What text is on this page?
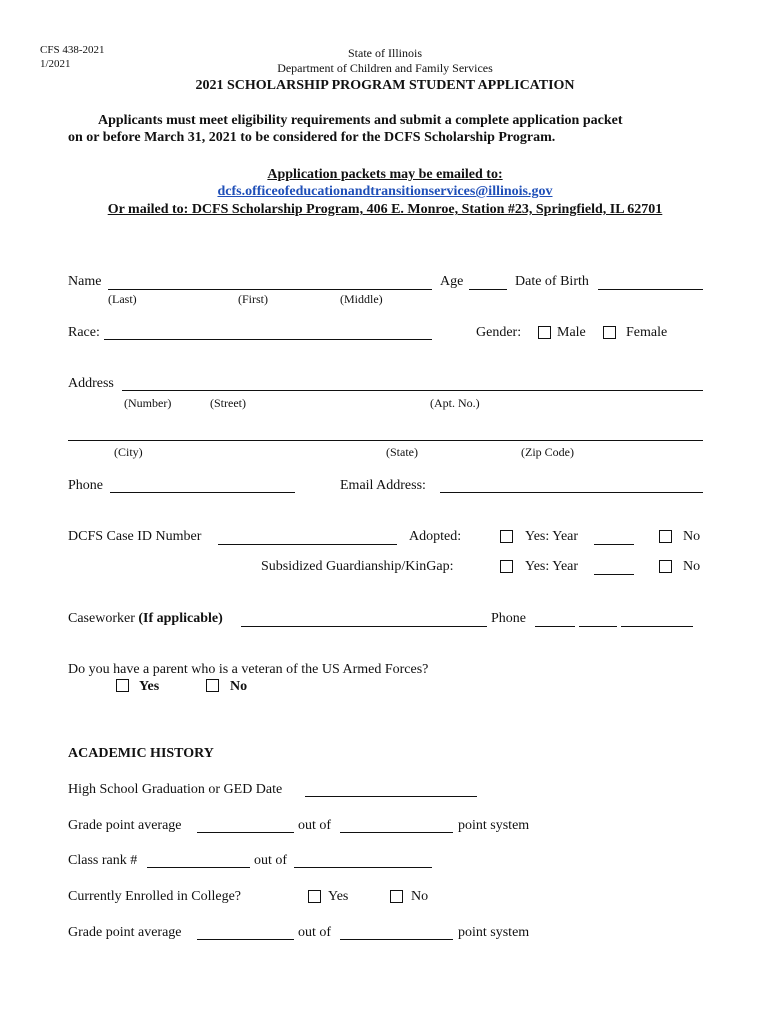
CFS 438-2021
1/2021
State of Illinois
Department of Children and Family Services
2021 SCHOLARSHIP PROGRAM STUDENT APPLICATION
Applicants must meet eligibility requirements and submit a complete application packet
on or before March 31, 2021 to be considered for the DCFS Scholarship Program.
Application packets may be emailed to:
dcfs.officeofeducationandtransitionservices@illinois.gov
Or mailed to: DCFS Scholarship Program, 406 E. Monroe, Station #23, Springfield, IL 62701
Name	Age	Date of Birth
(Last)	(First)	(Middle)
Race:	Gender:	Male	Female
Address
(Number)	(Street)	(Apt. No.)
(City)	(State)	(Zip Code)
Phone	Email Address:
DCFS Case ID Number	Adopted:	Yes: Year	No
Subsidized Guardianship/KinGap:	Yes: Year	No
Caseworker (If applicable)	Phone
Do you have a parent who is a veteran of the US Armed Forces?
Yes	No
ACADEMIC HISTORY
High School Graduation or GED Date
Grade point average	out of	point system
Class rank #	out of
Currently Enrolled in College?	Yes	No
Grade point average	out of	point system
